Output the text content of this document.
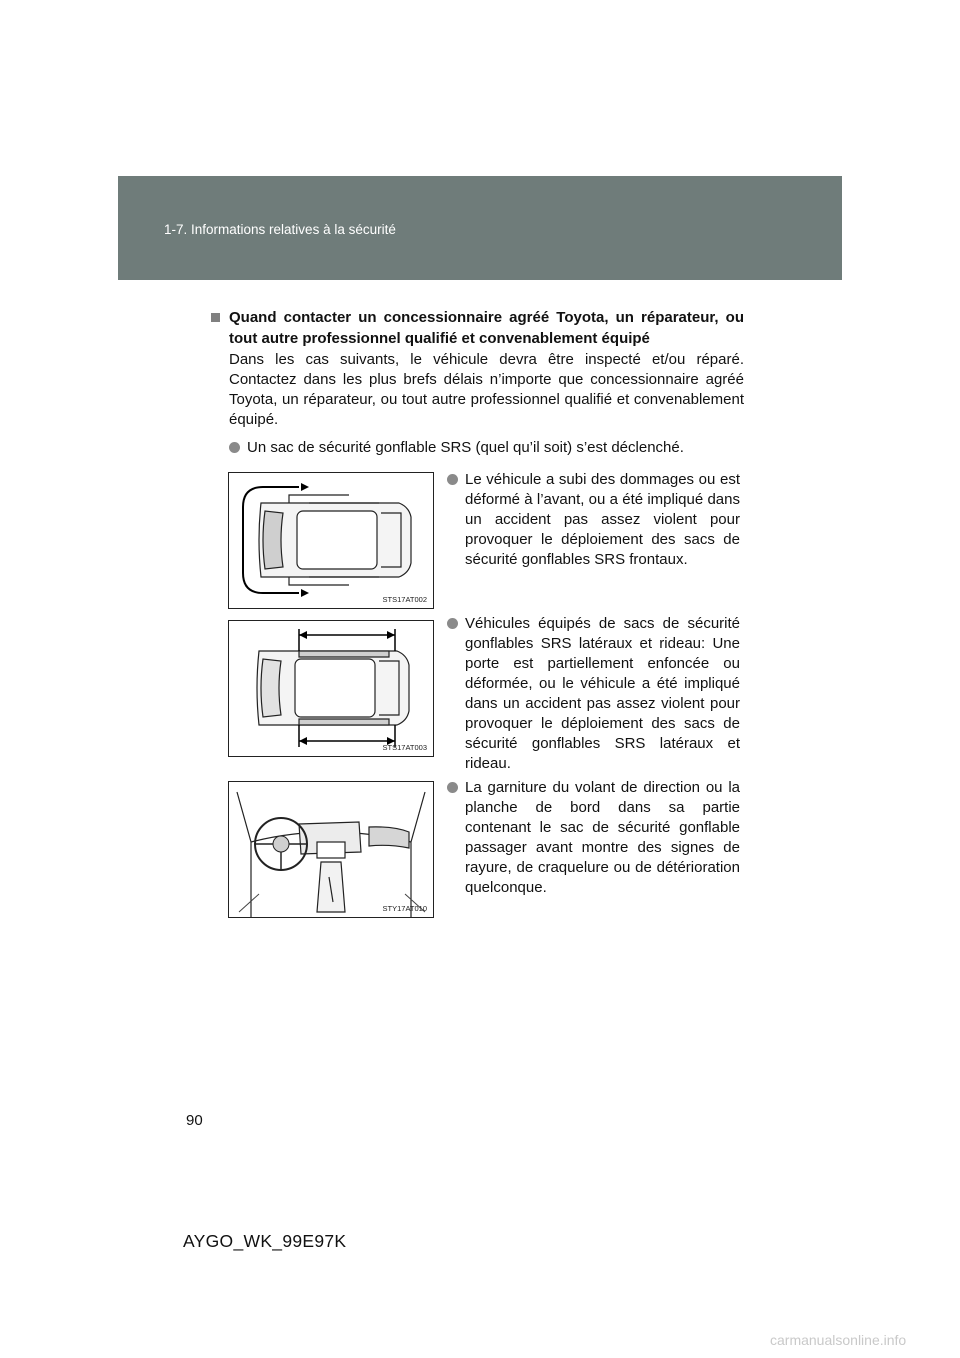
1-7. Informations relatives à la sécurité
Quand contacter un concessionnaire agréé Toyota, un réparateur, ou tout autre professionnel qualifié et convenablement équipé
Dans les cas suivants, le véhicule devra être inspecté et/ou réparé. Contactez dans les plus brefs délais n’importe que concessionnaire agréé Toyota, un réparateur, ou tout autre professionnel qualifié et convenablement équipé.
Un sac de sécurité gonflable SRS (quel qu’il soit) s’est déclenché.
STS17AT002
Le véhicule a subi des dommages ou est déformé à l’avant, ou a été impliqué dans un accident pas assez violent pour provoquer le déploiement des sacs de sécurité gonflables SRS frontaux.
STS17AT003
Véhicules équipés de sacs de sécurité gonflables SRS latéraux et rideau: Une porte est partiellement enfoncée ou déformée, ou le véhicule a été impliqué dans un accident pas assez violent pour provoquer le déploiement des sacs de sécurité gonflables SRS latéraux et rideau.
STY17AT010
La garniture du volant de direction ou la planche de bord dans sa partie contenant le sac de sécurité gonflable passager avant montre des signes de rayure, de craquelure ou de détérioration quelconque.
90
AYGO_WK_99E97K
carmanualsonline.info
